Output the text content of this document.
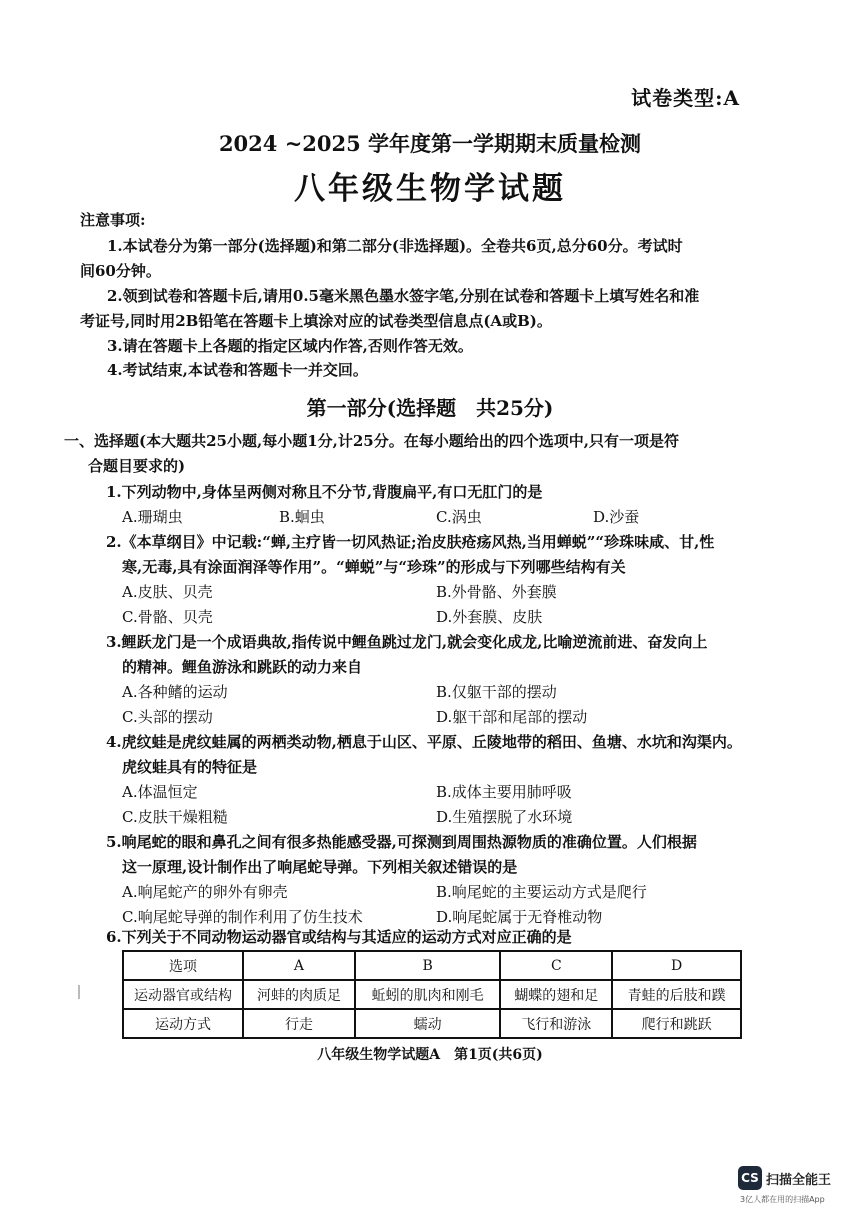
试卷类型:A
2024 ~2025 学年度第一学期期末质量检测
八年级生物学试题
注意事项:
1.本试卷分为第一部分(选择题)和第二部分(非选择题)。全卷共6页,总分60分。考试时
间60分钟。
2.领到试卷和答题卡后,请用0.5毫米黑色墨水签字笔,分别在试卷和答题卡上填写姓名和准
考证号,同时用2B铅笔在答题卡上填涂对应的试卷类型信息点(A或B)。
3.请在答题卡上各题的指定区域内作答,否则作答无效。
4.考试结束,本试卷和答题卡一并交回。
第一部分(选择题　共25分)
一、选择题(本大题共25小题,每小题1分,计25分。在每小题给出的四个选项中,只有一项是符
合题目要求的)
1.下列动物中,身体呈两侧对称且不分节,背腹扁平,有口无肛门的是
A.珊瑚虫	B.蛔虫	C.涡虫	D.沙蚕
2.《本草纲目》中记载:“蝉,主疗皆一切风热证;治皮肤疮疡风热,当用蝉蜕”“珍珠味咸、甘,性
寒,无毒,具有涂面润泽等作用”。“蝉蜕”与“珍珠”的形成与下列哪些结构有关
A.皮肤、贝壳	B.外骨骼、外套膜
C.骨骼、贝壳	D.外套膜、皮肤
3.鲤跃龙门是一个成语典故,指传说中鲤鱼跳过龙门,就会变化成龙,比喻逆流前进、奋发向上
的精神。鲤鱼游泳和跳跃的动力来自
A.各种鳍的运动	B.仅躯干部的摆动
C.头部的摆动	D.躯干部和尾部的摆动
4.虎纹蛙是虎纹蛙属的两栖类动物,栖息于山区、平原、丘陵地带的稻田、鱼塘、水坑和沟渠内。
虎纹蛙具有的特征是
A.体温恒定	B.成体主要用肺呼吸
C.皮肤干燥粗糙	D.生殖摆脱了水环境
5.响尾蛇的眼和鼻孔之间有很多热能感受器,可探测到周围热源物质的准确位置。人们根据
这一原理,设计制作出了响尾蛇导弹。下列相关叙述错误的是
A.响尾蛇产的卵外有卵壳	B.响尾蛇的主要运动方式是爬行
C.响尾蛇导弹的制作利用了仿生技术	D.响尾蛇属于无脊椎动物
6.下列关于不同动物运动器官或结构与其适应的运动方式对应正确的是
选项	A	B	C	D
运动器官或结构	河蚌的肉质足	蚯蚓的肌肉和刚毛	蝴蝶的翅和足	青蛙的后肢和蹼
运动方式	行走	蠕动	飞行和游泳	爬行和跳跃
八年级生物学试题A　第1页(共6页)
CS 扫描全能王
3亿人都在用的扫描App
